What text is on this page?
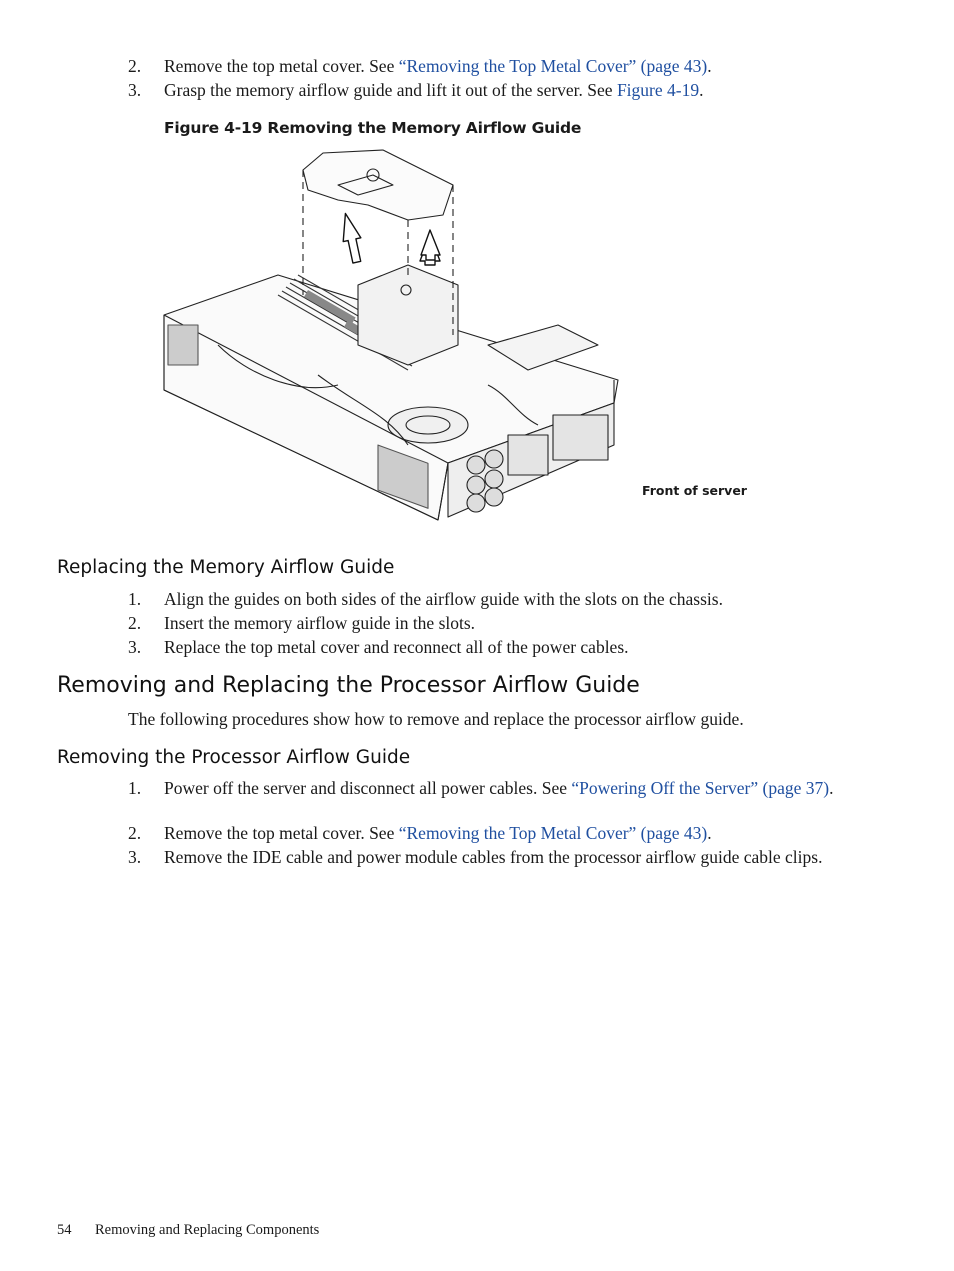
2.	Remove the top metal cover. See “Removing the Top Metal Cover” (page 43).
3.	Grasp the memory airflow guide and lift it out of the server. See Figure 4-19.
Figure 4-19 Removing the Memory Airflow Guide
Front of server
Replacing the Memory Airflow Guide
1.	Align the guides on both sides of the airflow guide with the slots on the chassis.
2.	Insert the memory airflow guide in the slots.
3.	Replace the top metal cover and reconnect all of the power cables.
Removing and Replacing the Processor Airflow Guide
The following procedures show how to remove and replace the processor airflow guide.
Removing the Processor Airflow Guide
1.	Power off the server and disconnect all power cables. See “Powering Off the Server” (page 37).
2.	Remove the top metal cover. See “Removing the Top Metal Cover” (page 43).
3.	Remove the IDE cable and power module cables from the processor airflow guide cable clips.
54 Removing and Replacing Components
